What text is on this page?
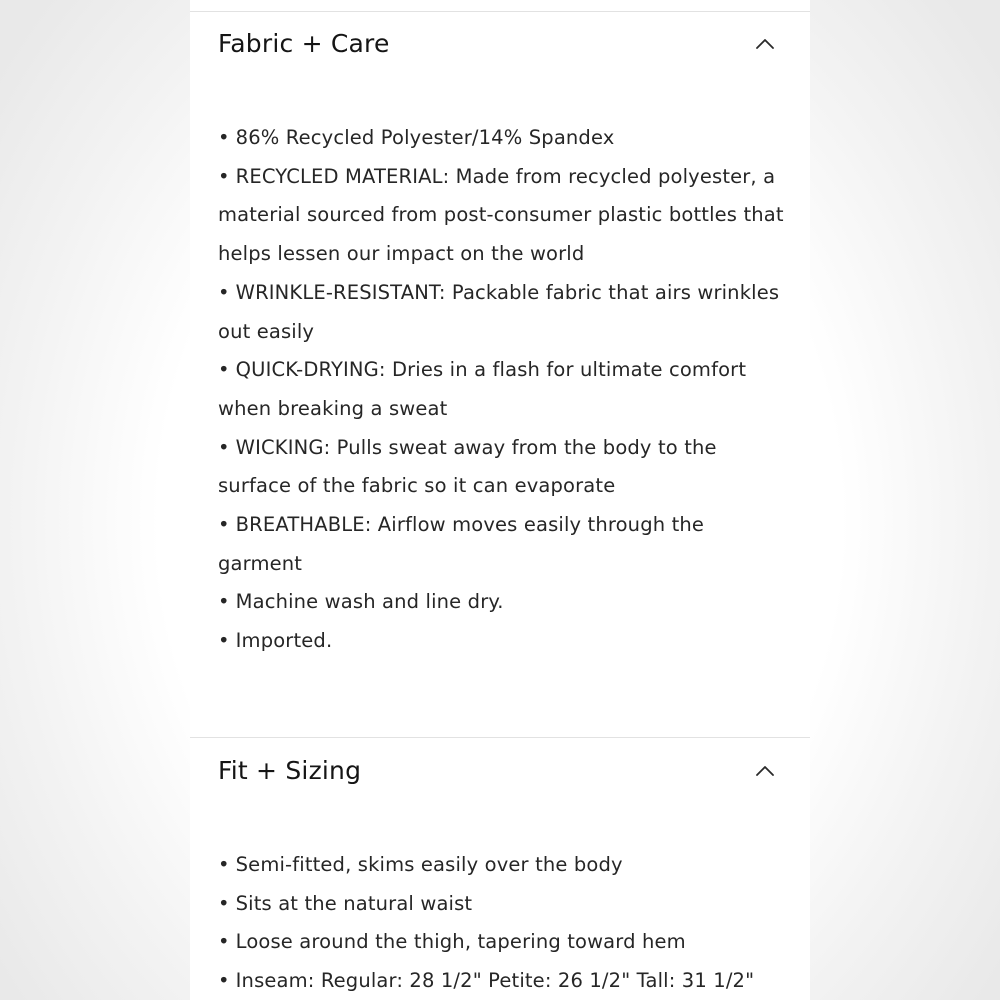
Fabric + Care
• 86% Recycled Polyester/14% Spandex
• RECYCLED MATERIAL: Made from recycled polyester, a material sourced from post-consumer plastic bottles that helps lessen our impact on the world
• WRINKLE-RESISTANT: Packable fabric that airs wrinkles out easily
• QUICK-DRYING: Dries in a flash for ultimate comfort when breaking a sweat
• WICKING: Pulls sweat away from the body to the surface of the fabric so it can evaporate
• BREATHABLE: Airflow moves easily through the garment
• Machine wash and line dry.
• Imported.
Fit + Sizing
• Semi-fitted, skims easily over the body
• Sits at the natural waist
• Loose around the thigh, tapering toward hem
• Inseam: Regular: 28 1/2" Petite: 26 1/2" Tall: 31 1/2"
